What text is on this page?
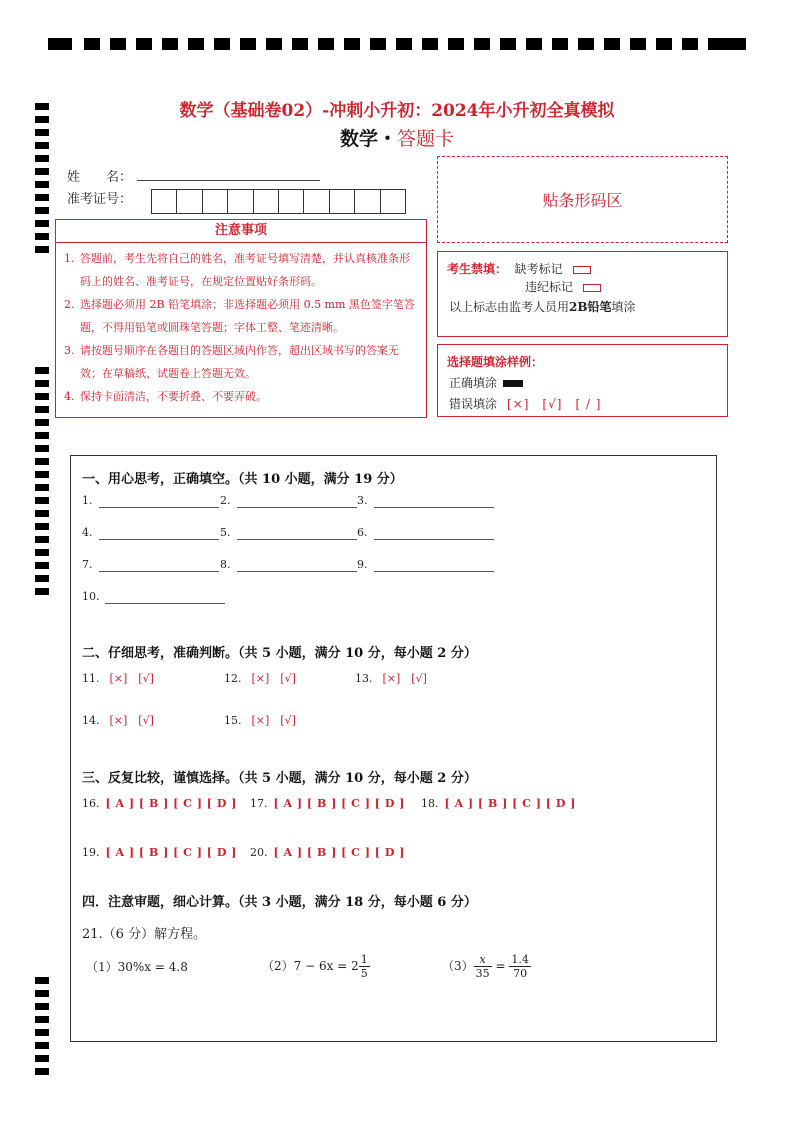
数学（基础卷02）-冲刺小升初：2024年小升初全真模拟
数学・答题卡
姓　　名：
准考证号：	贴条形码区
注意事项
1. 答题前，考生先将自己的姓名，准考证号填写清楚，并认真核准条形码上的姓名、准考证号，在规定位置贴好条形码。
2. 选择题必须用 2B 铅笔填涂；非选择题必须用 0.5 mm 黑色签字笔答题，不得用铅笔或圆珠笔答题；字体工整、笔迹清晰。
3. 请按题号顺序在各题目的答题区域内作答，超出区域书写的答案无效；在草稿纸、试题卷上答题无效。
4. 保持卡面清洁，不要折叠、不要弄破。
考生禁填： 缺考标记
违纪标记
以上标志由监考人员用2B铅笔填涂
选择题填涂样例：
正确填涂
错误填涂 [×]　[√]　[ / ]
一、用心思考，正确填空。（共 10 小题，满分 19 分）
1.	2.	3.
4.	5.	6.
7.	8.	9.
10.
二、仔细思考，准确判断。（共 5 小题，满分 10 分，每小题 2 分）
11. [×]　[√]	12. [×]　[√]	13. [×]　[√]
14. [×]　[√]	15. [×]　[√]
三、反复比较，谨慎选择。（共 5 小题，满分 10 分，每小题 2 分）
16. [ A ] [ B ] [ C ] [ D ] 17. [ A ] [ B ] [ C ] [ D ] 18. [ A ] [ B ] [ C ] [ D ]
19. [ A ] [ B ] [ C ] [ D ] 20. [ A ] [ B ] [ C ] [ D ]
四．注意审题，细心计算。（共 3 小题，满分 18 分，每小题 6 分）
21.（6 分）解方程。
（1）30%x = 4.8	$(2)7 - 6x = 2 \frac{1}{5}$	$(3) \frac{x}{35} = \frac{1.4}{70}$
